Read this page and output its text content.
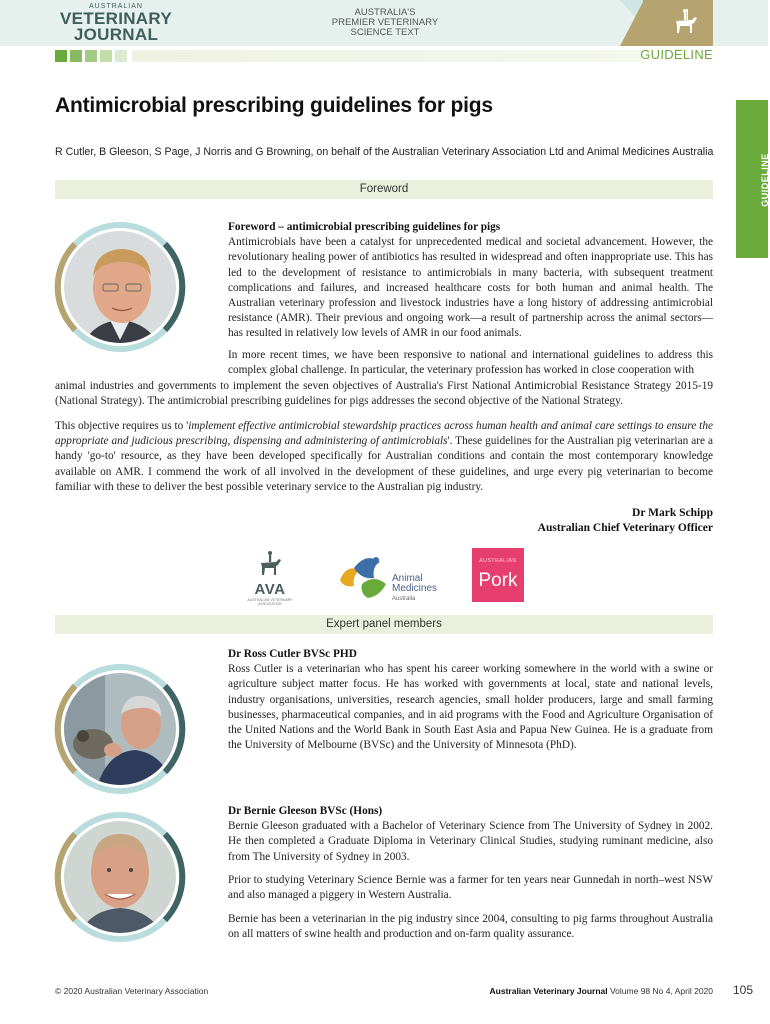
AUSTRALIAN
VETERINARY
JOURNAL
AUSTRALIA'S
PREMIER VETERINARY
SCIENCE TEXT
GUIDELINE
GUIDELINE
Antimicrobial prescribing guidelines for pigs
R Cutler, B Gleeson, S Page, J Norris and G Browning, on behalf of the Australian Veterinary Association Ltd and Animal Medicines Australia
Foreword
Foreword – antimicrobial prescribing guidelines for pigs
Antimicrobials have been a catalyst for unprecedented medical and societal advancement. However, the revolutionary healing power of antibiotics has resulted in widespread and often inappropriate use. This has led to the development of resistance to antimicrobials in many bacteria, with subsequent treatment complications and failures, and increased healthcare costs for both human and animal health. The Australian veterinary profession and livestock industries have a long history of addressing antimicrobial resistance (AMR). Their previous and ongoing work—a result of partnership across the animal sectors—has resulted in relatively low levels of AMR in our food animals.
In more recent times, we have been responsive to national and international guidelines to address this complex global challenge. In particular, the veterinary profession has worked in close cooperation with
animal industries and governments to implement the seven objectives of Australia's First National Antimicrobial Resistance Strategy 2015-19 (National Strategy). The antimicrobial prescribing guidelines for pigs addresses the second objective of the National Strategy.
This objective requires us to 'implement effective antimicrobial stewardship practices across human health and animal care settings to ensure the appropriate and judicious prescribing, dispensing and administering of antimicrobials'. These guidelines for the Australian pig veterinarian are a handy 'go-to' resource, as they have been developed specifically for Australian conditions and contain the most contemporary knowledge available on AMR. I commend the work of all involved in the development of these guidelines, and urge every pig veterinarian to become familiar with these to deliver the best possible veterinary service to the Australian pig industry.
Dr Mark Schipp
Australian Chief Veterinary Officer
AVA
AUSTRALIAN VETERINARY ASSOCIATION
Animal
Medicines
Australia
AUSTRALIAN
Pork
Expert panel members
Dr Ross Cutler BVSc PHD
Ross Cutler is a veterinarian who has spent his career working somewhere in the world with a swine or agriculture subject matter focus. He has worked with governments at local, state and national levels, industry organisations, universities, research agencies, small holder producers, large and small farming businesses, pharmaceutical companies, and in aid programs with the Food and Agriculture Organisation of the United Nations and the World Bank in South East Asia and Papua New Guinea. He is a graduate from the University of Melbourne (BVSc) and the University of Minnesota (PhD).
Dr Bernie Gleeson BVSc (Hons)
Bernie Gleeson graduated with a Bachelor of Veterinary Science from The University of Sydney in 2002. He then completed a Graduate Diploma in Veterinary Clinical Studies, studying ruminant medicine, also from The University of Sydney in 2003.
Prior to studying Veterinary Science Bernie was a farmer for ten years near Gunnedah in north–west NSW and also managed a piggery in Western Australia.
Bernie has been a veterinarian in the pig industry since 2004, consulting to pig farms throughout Australia on all matters of swine health and production and on-farm quality assurance.
© 2020 Australian Veterinary Association	Australian Veterinary Journal Volume 98 No 4, April 2020 105
